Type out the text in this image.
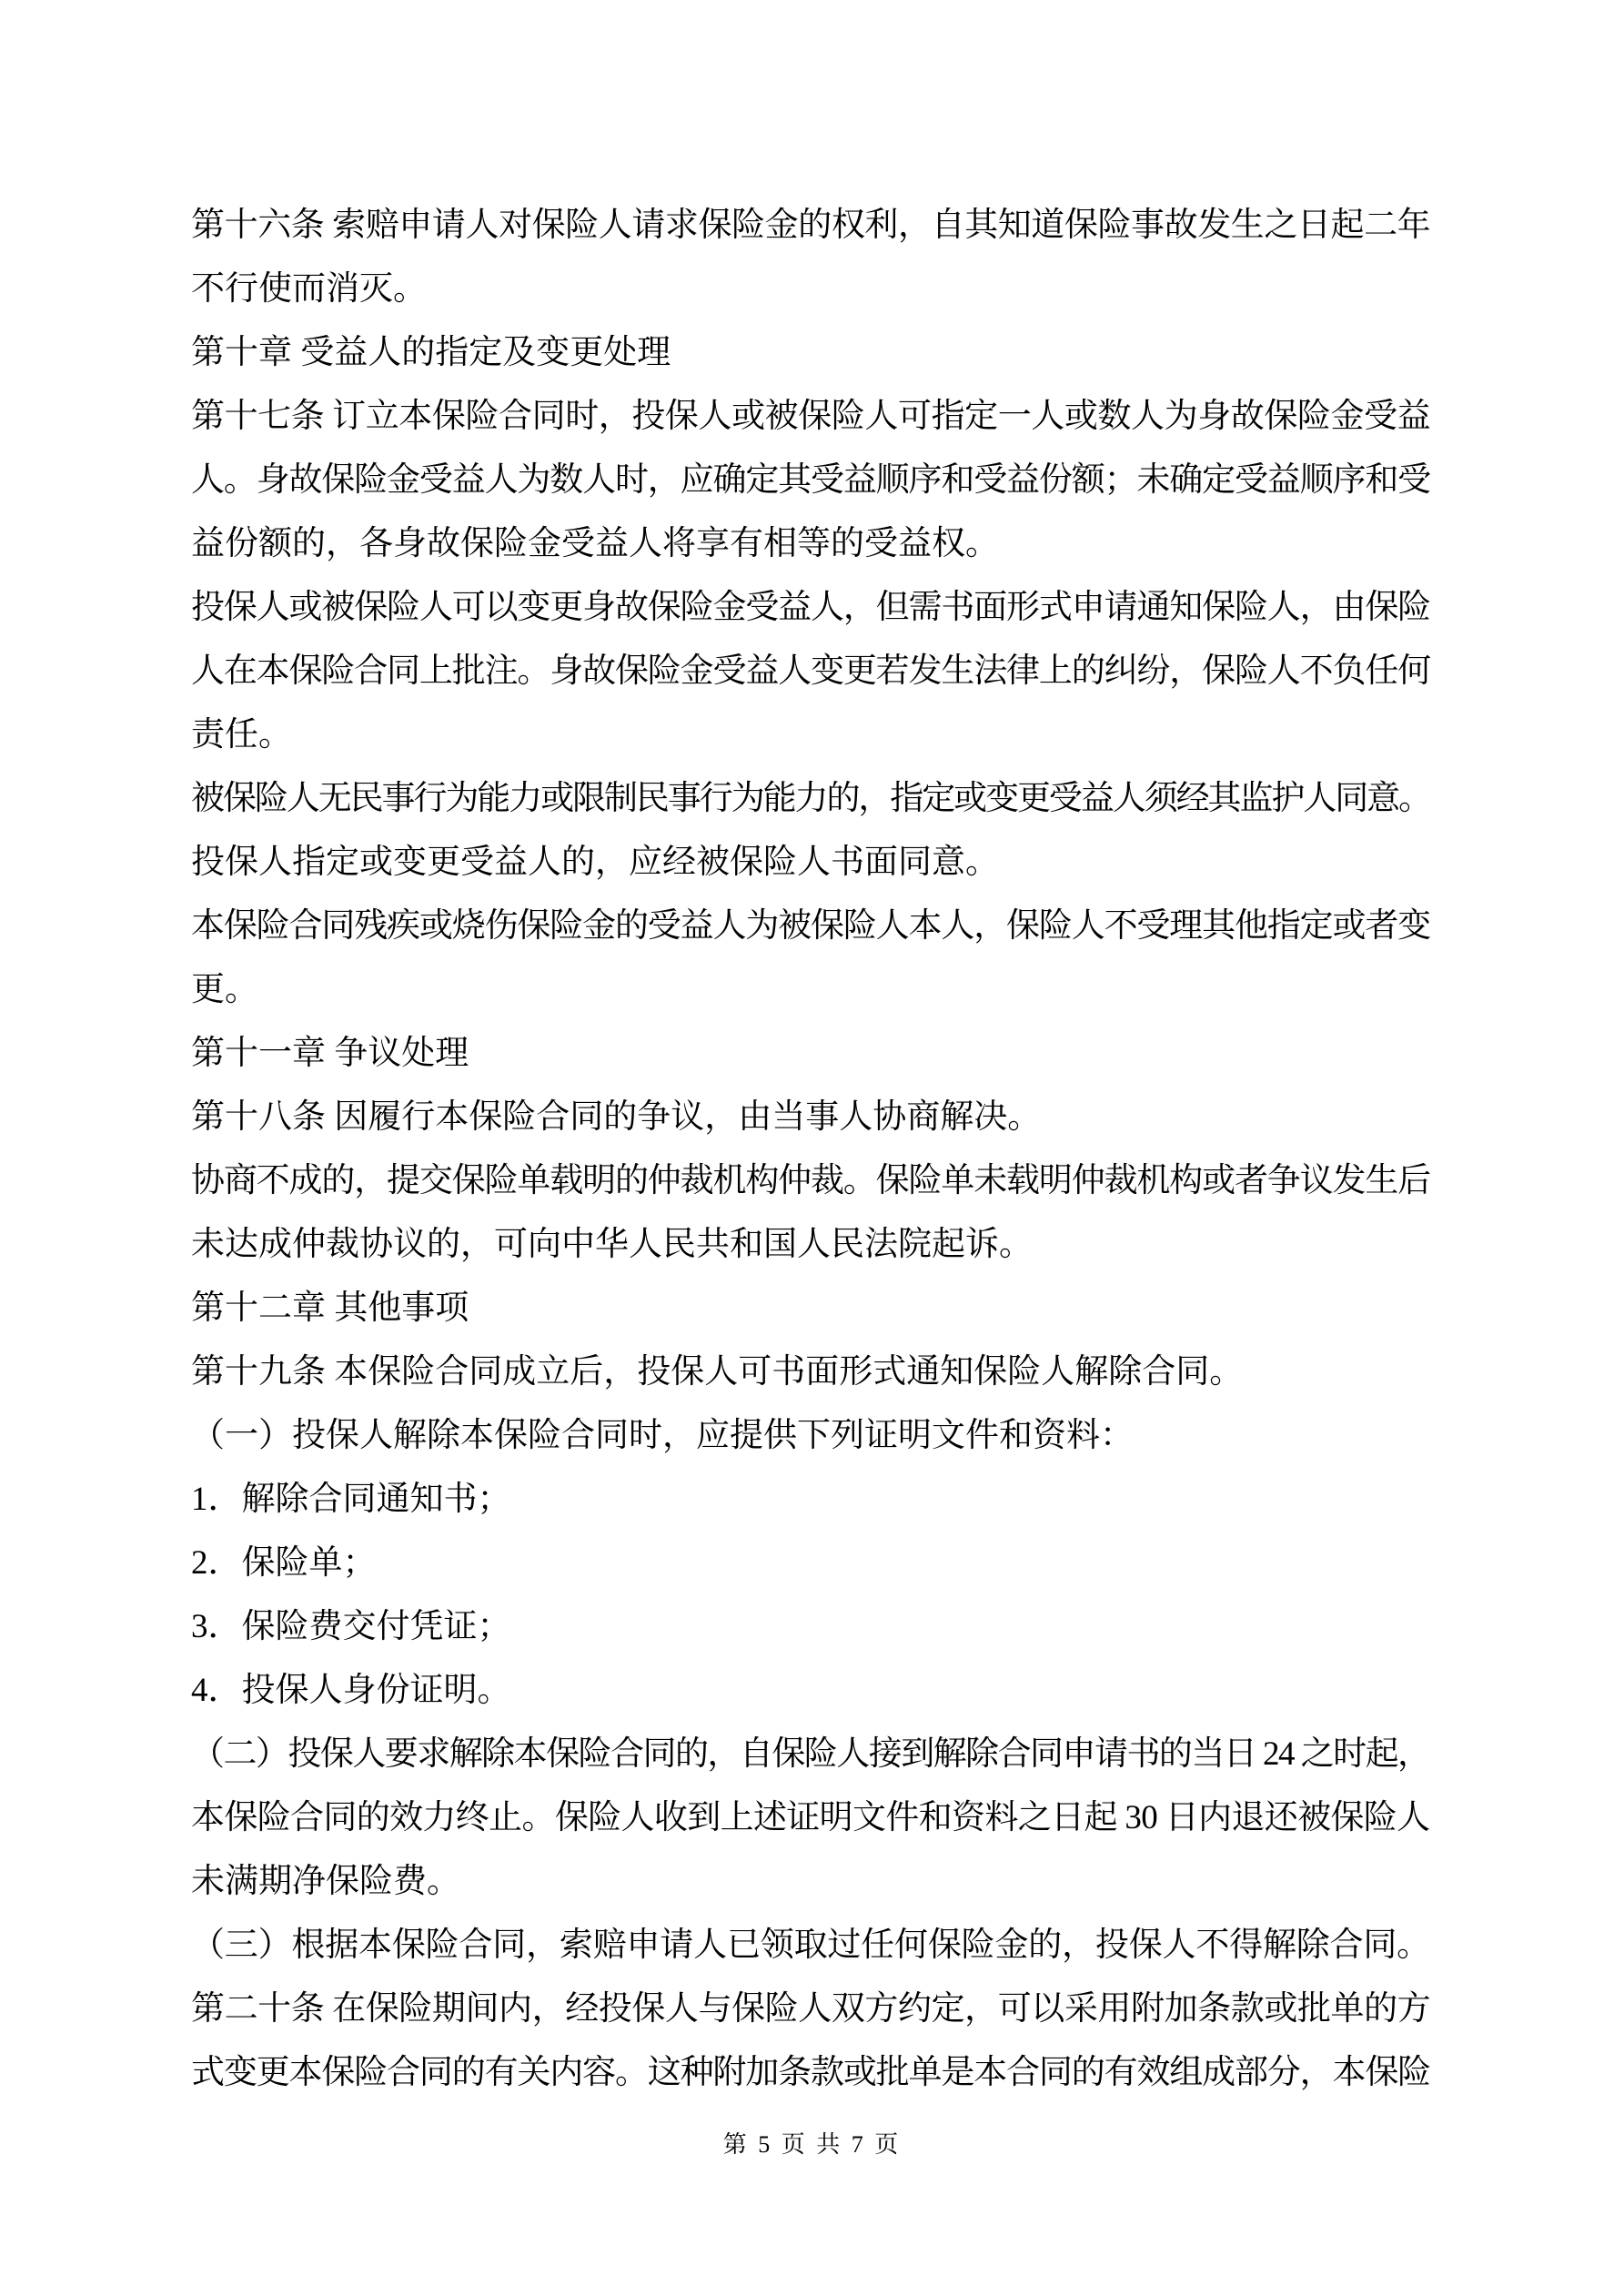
第十六条 索赔申请人对保险人请求保险金的权利，自其知道保险事故发生之日起二年
不行使而消灭。
第十章 受益人的指定及变更处理
第十七条 订立本保险合同时，投保人或被保险人可指定一人或数人为身故保险金受益
人。身故保险金受益人为数人时，应确定其受益顺序和受益份额；未确定受益顺序和受
益份额的，各身故保险金受益人将享有相等的受益权。
投保人或被保险人可以变更身故保险金受益人，但需书面形式申请通知保险人，由保险
人在本保险合同上批注。身故保险金受益人变更若发生法律上的纠纷，保险人不负任何
责任。
被保险人无民事行为能力或限制民事行为能力的，指定或变更受益人须经其监护人同意。
投保人指定或变更受益人的，应经被保险人书面同意。
本保险合同残疾或烧伤保险金的受益人为被保险人本人，保险人不受理其他指定或者变
更。
第十一章 争议处理
第十八条 因履行本保险合同的争议，由当事人协商解决。
协商不成的，提交保险单载明的仲裁机构仲裁。保险单未载明仲裁机构或者争议发生后
未达成仲裁协议的，可向中华人民共和国人民法院起诉。
第十二章 其他事项
第十九条 本保险合同成立后，投保人可书面形式通知保险人解除合同。
（一）投保人解除本保险合同时，应提供下列证明文件和资料：
1．解除合同通知书；
2．保险单；
3．保险费交付凭证；
4．投保人身份证明。
（二）投保人要求解除本保险合同的，自保险人接到解除合同申请书的当日 24 之时起，
本保险合同的效力终止。保险人收到上述证明文件和资料之日起 30 日内退还被保险人
未满期净保险费。
（三）根据本保险合同，索赔申请人已领取过任何保险金的，投保人不得解除合同。
第二十条 在保险期间内，经投保人与保险人双方约定，可以采用附加条款或批单的方
式变更本保险合同的有关内容。这种附加条款或批单是本合同的有效组成部分，本保险
第 5 页 共 7 页
